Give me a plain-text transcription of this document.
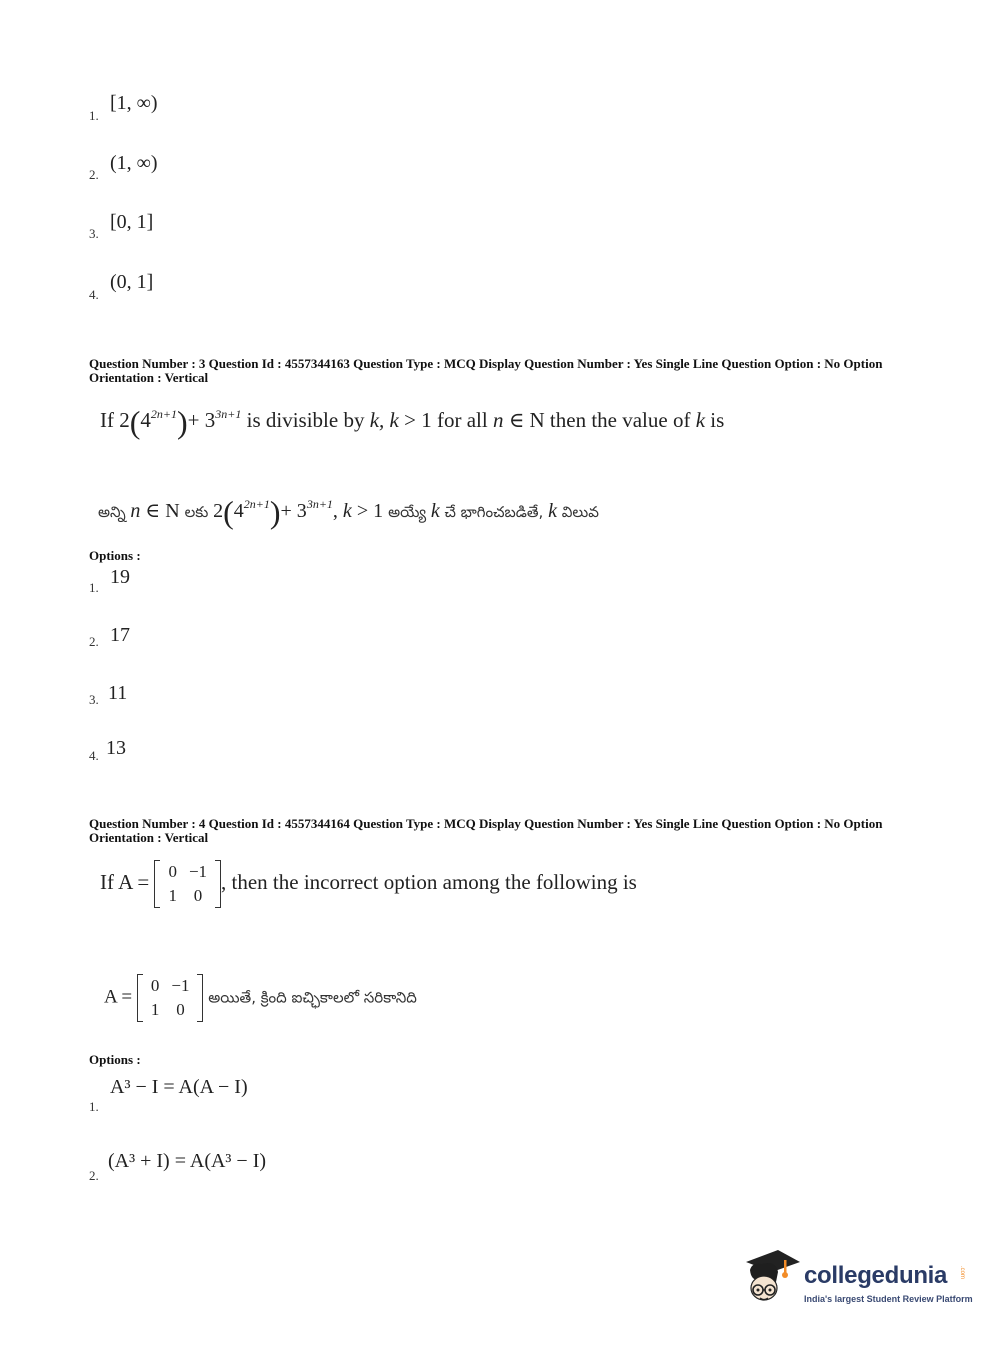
1.
[1, ∞)
2.
(1, ∞)
3.
[0, 1]
4.
(0, 1]
Question Number : 3 Question Id : 4557344163 Question Type : MCQ Display Question Number : Yes Single Line Question Option : No Option Orientation : Vertical
If $2(4^{2n+1})+ 3^{3n+1}$ is divisible by k, k > 1 for all n ∈ N then the value of k is
అన్ని n ∈ N లకు $2(4^{2n+1})+ 3^{3n+1}$, k > 1 అయ్యే k చే భాగించబడితే, k విలువ
Options :
1. 19
2. 17
3. 11
4. 13
Question Number : 4 Question Id : 4557344164 Question Type : MCQ Display Question Number : Yes Single Line Question Option : No Option Orientation : Vertical
If A = 0	−1
1	0
, then the incorrect option among the following is
A =
0	−1
1	0
అయితే, క్రింది ఐచ్ఛికాలలో సరికానిది
Options :
1.
A³ − I = A(A − I)
2.
(A³ + I) = A(A³ − I)
collegedunia .com
India's largest Student Review Platform
